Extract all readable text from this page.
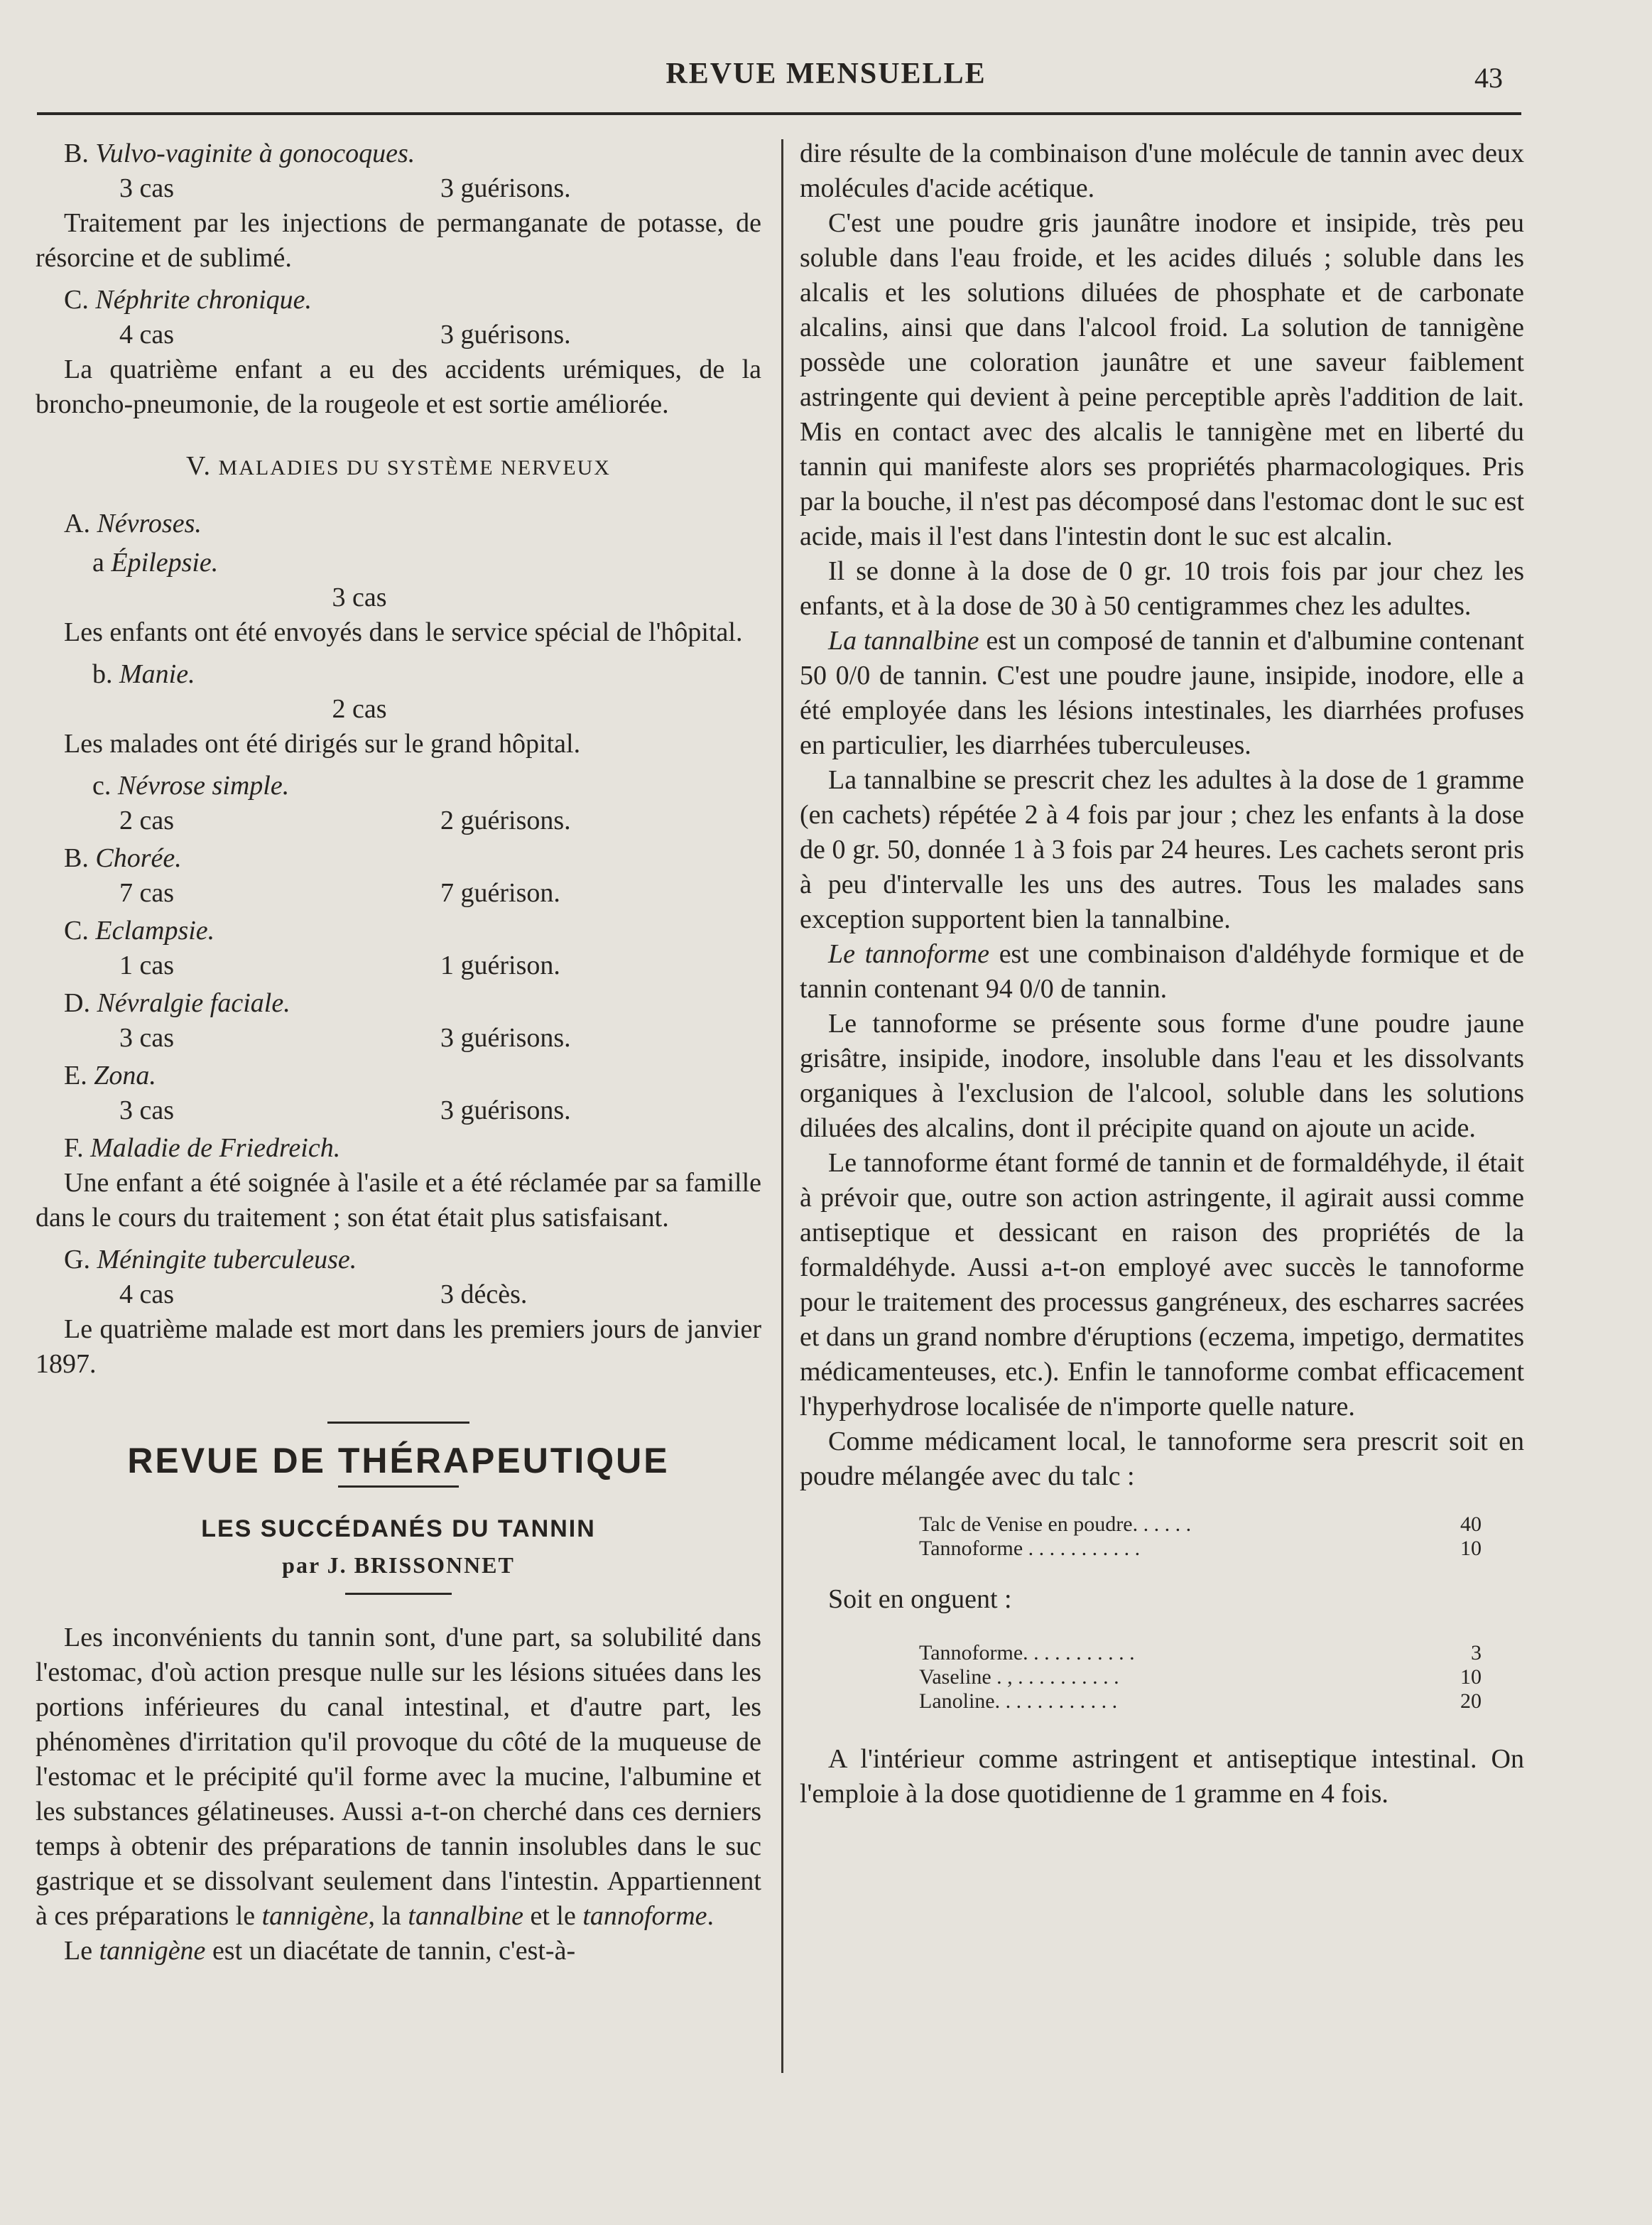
REVUE MENSUELLE	43
B. Vulvo-vaginite à gonocoques.
3 cas	3 guérisons.

Traitement par les injections de permanganate de potasse, de résorcine et de sublimé.

C. Néphrite chronique.
4 cas	3 guérisons.

La quatrième enfant a eu des accidents urémiques, de la broncho-pneumonie, de la rougeole et est sortie améliorée.

V. MALADIES DU SYSTÈME NERVEUX
A. Névroses.
a Épilepsie.
3 cas

Les enfants ont été envoyés dans le service spécial de l'hôpital.

b. Manie.
2 cas

Les malades ont été dirigés sur le grand hôpital.

c. Névrose simple.
2 cas	2 guérisons.
B. Chorée.
7 cas	7 guérison.
C. Eclampsie.
1 cas	1 guérison.
D. Névralgie faciale.
3 cas	3 guérisons.
E. Zona.
3 cas	3 guérisons.
F. Maladie de Friedreich.

Une enfant a été soignée à l'asile et a été réclamée par sa famille dans le cours du traitement ; son état était plus satisfaisant.

G. Méningite tuberculeuse.
4 cas	3 décès.

Le quatrième malade est mort dans les premiers jours de janvier 1897.

REVUE DE THÉRAPEUTIQUE
LES SUCCÉDANÉS DU TANNIN
par J. BRISSONNET

Les inconvénients du tannin sont, d'une part, sa solubilité dans l'estomac, d'où action presque nulle sur les lésions situées dans les portions inférieures du canal intestinal, et d'autre part, les phénomènes d'irritation qu'il provoque du côté de la muqueuse de l'estomac et le précipité qu'il forme avec la mucine, l'albumine et les substances gélatineuses. Aussi a-t-on cherché dans ces derniers temps à obtenir des préparations de tannin insolubles dans le suc gastrique et se dissolvant seulement dans l'intestin. Appartiennent à ces préparations le tannigène, la tannalbine et le tannoforme.

Le tannigène est un diacétate de tannin, c'est-à-

dire résulte de la combinaison d'une molécule de tannin avec deux molécules d'acide acétique.

C'est une poudre gris jaunâtre inodore et insipide, très peu soluble dans l'eau froide, et les acides dilués ; soluble dans les alcalis et les solutions diluées de phosphate et de carbonate alcalins, ainsi que dans l'alcool froid. La solution de tannigène possède une coloration jaunâtre et une saveur faiblement astringente qui devient à peine perceptible après l'addition de lait. Mis en contact avec des alcalis le tannigène met en liberté du tannin qui manifeste alors ses propriétés pharmacologiques. Pris par la bouche, il n'est pas décomposé dans l'estomac dont le suc est acide, mais il l'est dans l'intestin dont le suc est alcalin.

Il se donne à la dose de 0 gr. 10 trois fois par jour chez les enfants, et à la dose de 30 à 50 centigrammes chez les adultes.

La tannalbine est un composé de tannin et d'albumine contenant 50 0/0 de tannin. C'est une poudre jaune, insipide, inodore, elle a été employée dans les lésions intestinales, les diarrhées profuses en particulier, les diarrhées tuberculeuses.

La tannalbine se prescrit chez les adultes à la dose de 1 gramme (en cachets) répétée 2 à 4 fois par jour ; chez les enfants à la dose de 0 gr. 50, donnée 1 à 3 fois par 24 heures. Les cachets seront pris à peu d'intervalle les uns des autres. Tous les malades sans exception supportent bien la tannalbine.

Le tannoforme est une combinaison d'aldéhyde formique et de tannin contenant 94 0/0 de tannin.

Le tannoforme se présente sous forme d'une poudre jaune grisâtre, insipide, inodore, insoluble dans l'eau et les dissolvants organiques à l'exclusion de l'alcool, soluble dans les solutions diluées des alcalins, dont il précipite quand on ajoute un acide.

Le tannoforme étant formé de tannin et de formaldéhyde, il était à prévoir que, outre son action astringente, il agirait aussi comme antiseptique et dessicant en raison des propriétés de la formaldéhyde. Aussi a-t-on employé avec succès le tannoforme pour le traitement des processus gangréneux, des escharres sacrées et dans un grand nombre d'éruptions (eczema, impetigo, dermatites médicamenteuses, etc.). Enfin le tannoforme combat efficacement l'hyperhydrose localisée de n'importe quelle nature.

Comme médicament local, le tannoforme sera prescrit soit en poudre mélangée avec du talc :

Talc de Venise en poudre. . . . . .	40
Tannoforme . . . . . . . . . . .	10
Soit en onguent :
Tannoforme. . . . . . . . . . .	3
Vaseline . , . . . . . . . . . .	10
Lanoline. . . . . . . . . . . .	20

A l'intérieur comme astringent et antiseptique intestinal. On l'emploie à la dose quotidienne de 1 gramme en 4 fois.
